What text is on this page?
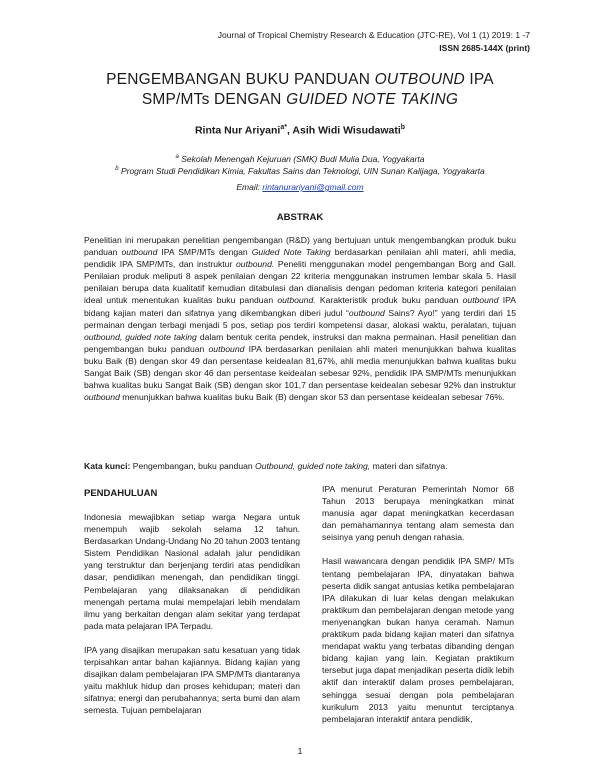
Journal of Tropical Chemistry Research & Education (JTC-RE), Vol 1 (1) 2019: 1 -7
ISSN 2685-144X (print)
PENGEMBANGAN BUKU PANDUAN OUTBOUND IPA
SMP/MTs DENGAN GUIDED NOTE TAKING
Rinta Nur Ariyani$^{a*}$, Asih Widi Wisudawati$^b$
$^a$ Sekolah Menengah Kejuruan (SMK) Budi Mulia Dua, Yogyakarta
$^b$ Program Studi Pendidikan Kimia, Fakultas Sains dan Teknologi, UIN Sunan Kalijaga, Yogyakarta
Email: rintanurariyani@gmail.com
ABSTRAK
Penelitian ini merupakan penelitian pengembangan (R&D) yang bertujuan untuk mengembangkan produk buku panduan outbound IPA SMP/MTs dengan Guided Note Taking berdasarkan penilaian ahli materi, ahli media, pendidik IPA SMP/MTs, dan instruktur outbound. Peneliti menggunakan model pengembangan Borg and Gall. Penilaian produk meliputi 8 aspek penilaian dengan 22 kriteria menggunakan instrumen lembar skala 5. Hasil penilaian berupa data kualitatif kemudian ditabulasi dan dianalisis dengan pedoman kriteria kategori penilaian ideal untuk menentukan kualitas buku panduan outbound. Karakteristik produk buku panduan outbound IPA bidang kajian materi dan sifatnya yang dikembangkan diberi judul “outbound Sains? Ayo!” yang terdiri dari 15 permainan dengan terbagi menjadi 5 pos, setiap pos terdiri kompetensi dasar, alokasi waktu, peralatan, tujuan outbound, guided note taking dalam bentuk cerita pendek, instruksi dan makna permainan. Hasil penelitian dan pengembangan buku panduan outbound IPA berdasarkan penilaian ahli materi menunjukkan bahwa kualitas buku Baik (B) dengan skor 49 dan persentase keideaIan 81,67%, ahli media menunjukkan bahwa kualitas buku Sangat Baik (SB) dengan skor 46 dan persentase keideaIan sebesar 92%, pendidik IPA SMP/MTs menunjukkan bahwa kualitas buku Sangat Baik (SB) dengan skor 101,7 dan persentase keideaIan sebesar 92% dan instruktur outbound menunjukkan bahwa kualitas buku Baik (B) dengan skor 53 dan persentase keideaIan sebesar 76%.
Kata kunci: Pengembangan, buku panduan Outbound, guided note taking, materi dan sifatnya.
PENDAHULUAN

Indonesia mewajibkan setiap warga Negara untuk menempuh wajib sekolah selama 12 tahun. Berdasarkan Undang-Undang No 20 tahun 2003 tentang Sistem Pendidikan Nasional adalah jalur pendidikan yang terstruktur dan berjenjang terdiri atas pendidikan dasar, pendidikan menengah, dan pendidikan tinggi. Pembelajaran yang dilaksanakan di pendidikan menengah pertama mulai mempelajari lebih mendalam ilmu yang berkaitan dengan alam sekitar yang terdapat pada mata pelajaran IPA Terpadu.

IPA yang disajikan merupakan satu kesatuan yang tidak terpisahkan antar bahan kajiannya. Bidang kajian yang disajikan dalam pembelajaran IPA SMP/MTs diantaranya yaitu makhluk hidup dan proses kehidupan; materi dan sifatnya; energi dan perubahannya; serta bumi dan alam semesta. Tujuan pembelajaran

IPA menurut Peraturan Pemerintah Nomor 68 Tahun 2013 berupaya meningkatkan minat manusia agar dapat meningkatkan kecerdasan dan pemahamannya tentang alam semesta dan seisinya yang penuh dengan rahasia.

Hasil wawancara dengan pendidik IPA SMP/ MTs tentang pembelajaran IPA, dinyatakan bahwa peserta didik sangat antusias ketika pembelajaran IPA dilakukan di luar kelas dengan melakukan praktikum dan pembelajaran dengan metode yang menyenangkan bukan hanya ceramah. Namun praktikum pada bidang kajian materi dan sifatnya mendapat waktu yang terbatas dibanding dengan bidang kajian yang lain. Kegiatan praktikum tersebut juga dapat menjadikan peserta didik lebih aktif dan interaktif dalam proses pembelajaran, sehingga sesuai dengan pola pembelajaran kurikulum 2013 yaitu menuntut terciptanya pembelajaran interaktif antara pendidik,

1
